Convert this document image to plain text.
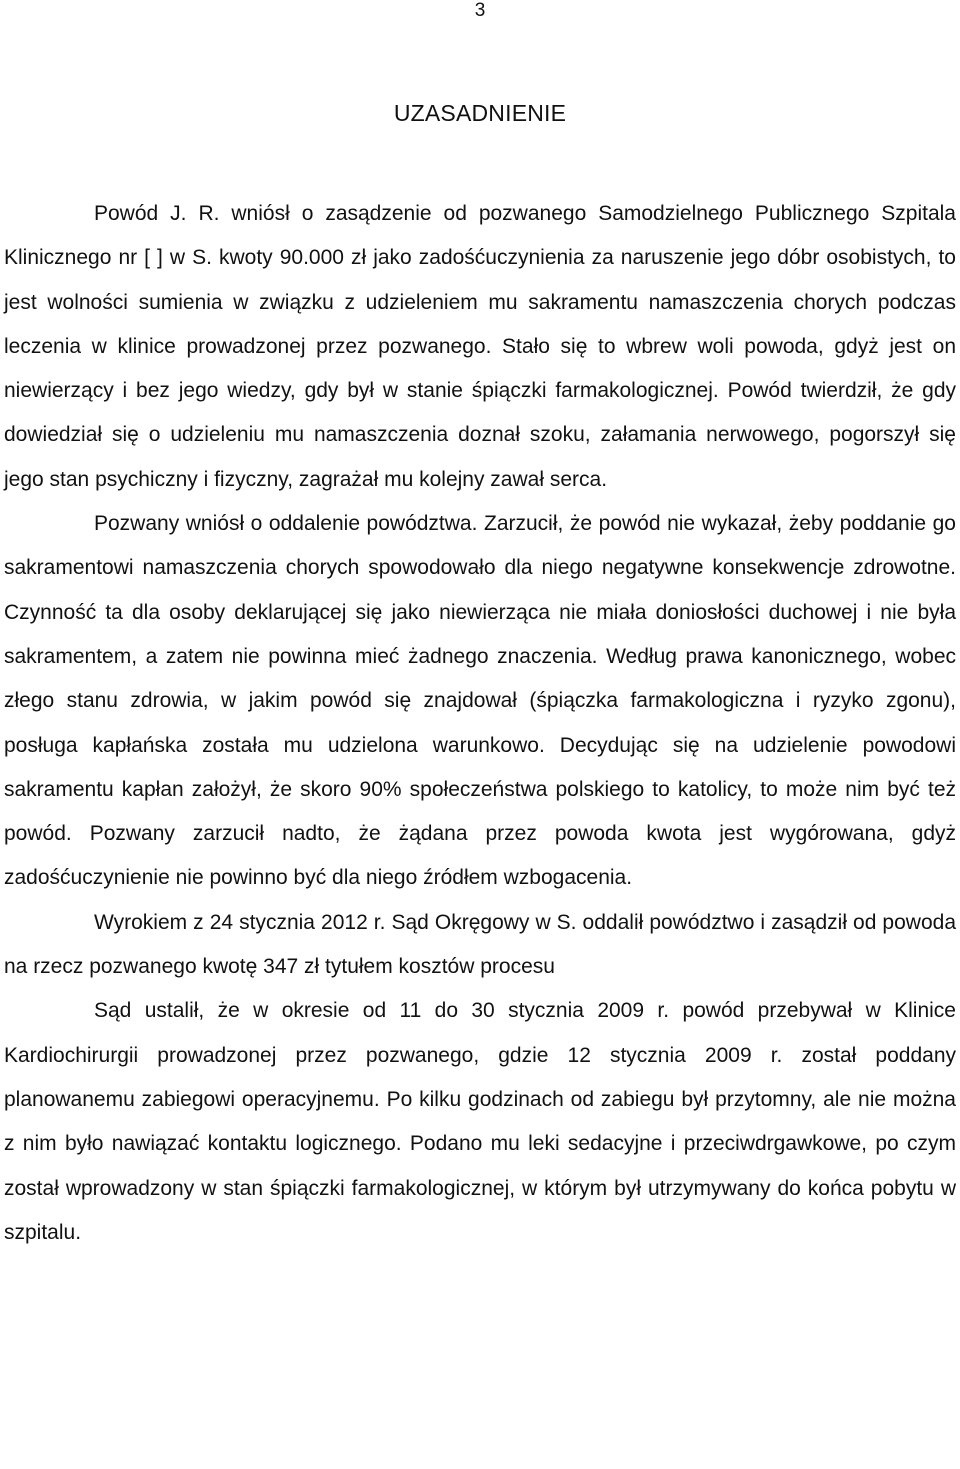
3
UZASADNIENIE

Powód J. R. wniósł o zasądzenie od pozwanego Samodzielnego Publicznego Szpitala Klinicznego nr [ ] w S. kwoty 90.000 zł jako zadośćuczynienia za naruszenie jego dóbr osobistych, to jest wolności sumienia w związku z udzieleniem mu sakramentu namaszczenia chorych podczas leczenia w klinice prowadzonej przez pozwanego. Stało się to wbrew woli powoda, gdyż jest on niewierzący i bez jego wiedzy, gdy był w stanie śpiączki farmakologicznej. Powód twierdził, że gdy dowiedział się o udzieleniu mu namaszczenia doznał szoku, załamania nerwowego, pogorszył się jego stan psychiczny i fizyczny, zagrażał mu kolejny zawał serca.

Pozwany wniósł o oddalenie powództwa. Zarzucił, że powód nie wykazał, żeby poddanie go sakramentowi namaszczenia chorych spowodowało dla niego negatywne konsekwencje zdrowotne. Czynność ta dla osoby deklarującej się jako niewierząca nie miała doniosłości duchowej i nie była sakramentem, a zatem nie powinna mieć żadnego znaczenia. Według prawa kanonicznego, wobec złego stanu zdrowia, w jakim powód się znajdował (śpiączka farmakologiczna i ryzyko zgonu), posługa kapłańska została mu udzielona warunkowo. Decydując się na udzielenie powodowi sakramentu kapłan założył, że skoro 90% społeczeństwa polskiego to katolicy, to może nim być też powód. Pozwany zarzucił nadto, że żądana przez powoda kwota jest wygórowana, gdyż zadośćuczynienie nie powinno być dla niego źródłem wzbogacenia.

Wyrokiem z 24 stycznia 2012 r. Sąd Okręgowy w S. oddalił powództwo i zasądził od powoda na rzecz pozwanego kwotę 347 zł tytułem kosztów procesu

Sąd ustalił, że w okresie od 11 do 30 stycznia 2009 r. powód przebywał w Klinice Kardiochirurgii prowadzonej przez pozwanego, gdzie 12 stycznia 2009 r. został poddany planowanemu zabiegowi operacyjnemu. Po kilku godzinach od zabiegu był przytomny, ale nie można z nim było nawiązać kontaktu logicznego. Podano mu leki sedacyjne i przeciwdrgawkowe, po czym został wprowadzony w stan śpiączki farmakologicznej, w którym był utrzymywany do końca pobytu w szpitalu.
